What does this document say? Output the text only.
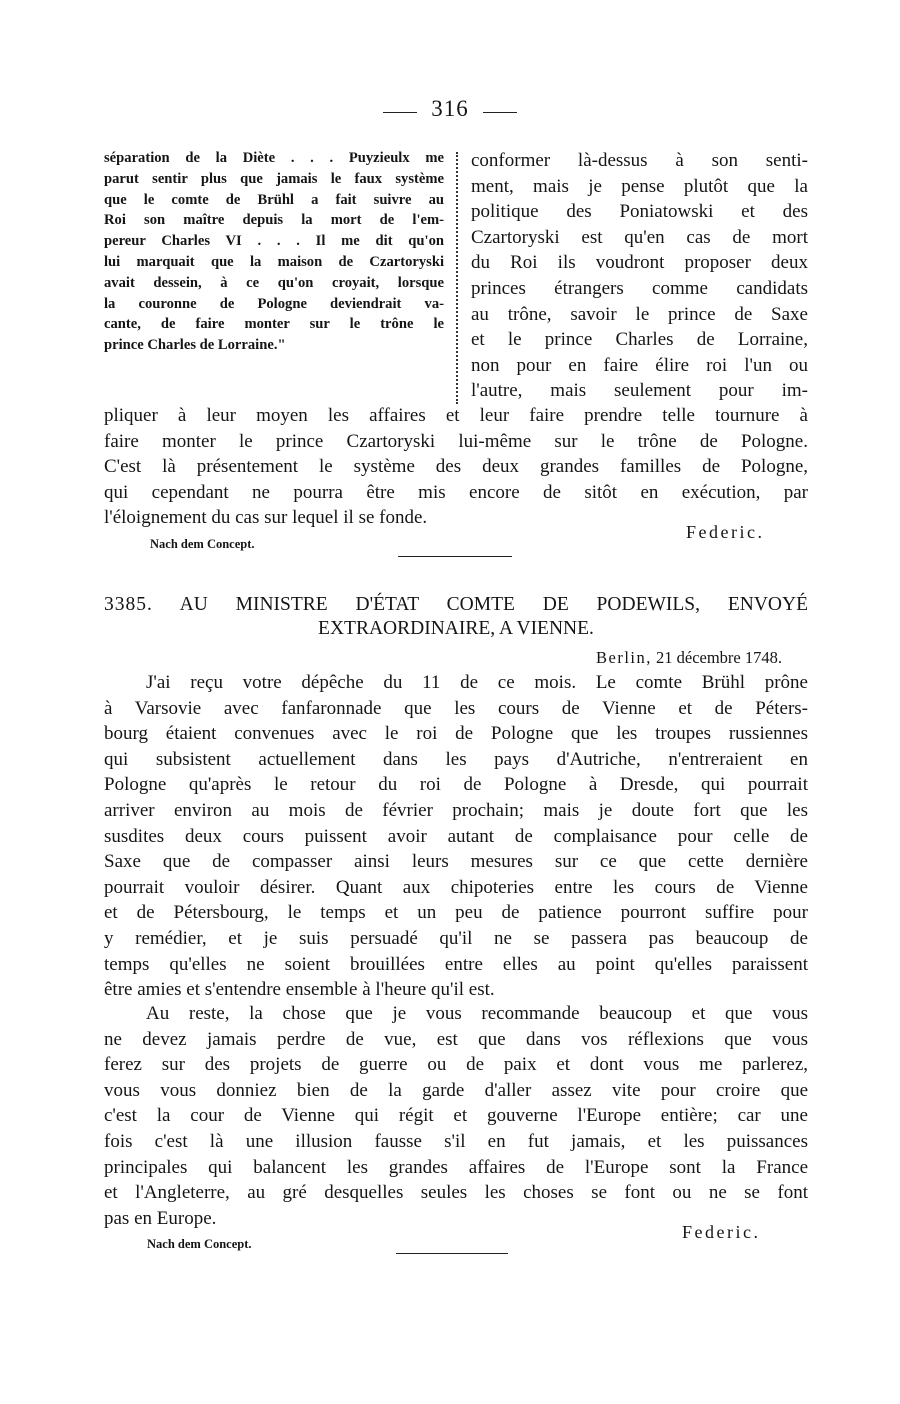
316
séparation de la Diète . . . Puyzieulx me
parut sentir plus que jamais le faux système
que le comte de Brühl a fait suivre au
Roi son maître depuis la mort de l'em-
pereur Charles VI . . . Il me dit qu'on
lui marquait que la maison de Czartoryski
avait dessein, à ce qu'on croyait, lorsque
la couronne de Pologne deviendrait va-
cante, de faire monter sur le trône le
prince Charles de Lorraine."
conformer là-dessus à son senti-
ment, mais je pense plutôt que la
politique des Poniatowski et des
Czartoryski est qu'en cas de mort
du Roi ils voudront proposer deux
princes étrangers comme candidats
au trône, savoir le prince de Saxe
et le prince Charles de Lorraine,
non pour en faire élire roi l'un ou
l'autre, mais seulement pour im-
pliquer à leur moyen les affaires et leur faire prendre telle tournure à
faire monter le prince Czartoryski lui-même sur le trône de Pologne.
C'est là présentement le système des deux grandes familles de Pologne,
qui cependant ne pourra être mis encore de sitôt en exécution, par
l'éloignement du cas sur lequel il se fonde.
Federic.
Nach dem Concept.
3385. AU MINISTRE D'ÉTAT COMTE DE PODEWILS, ENVOYÉ
EXTRAORDINAIRE, A VIENNE.
Berlin, 21 décembre 1748.
J'ai reçu votre dépêche du 11 de ce mois. Le comte Brühl prône
à Varsovie avec fanfaronnade que les cours de Vienne et de Péters-
bourg étaient convenues avec le roi de Pologne que les troupes russiennes
qui subsistent actuellement dans les pays d'Autriche, n'entreraient en
Pologne qu'après le retour du roi de Pologne à Dresde, qui pourrait
arriver environ au mois de février prochain; mais je doute fort que les
susdites deux cours puissent avoir autant de complaisance pour celle de
Saxe que de compasser ainsi leurs mesures sur ce que cette dernière
pourrait vouloir désirer. Quant aux chipoteries entre les cours de Vienne
et de Pétersbourg, le temps et un peu de patience pourront suffire pour
y remédier, et je suis persuadé qu'il ne se passera pas beaucoup de
temps qu'elles ne soient brouillées entre elles au point qu'elles paraissent
être amies et s'entendre ensemble à l'heure qu'il est.
Au reste, la chose que je vous recommande beaucoup et que vous
ne devez jamais perdre de vue, est que dans vos réflexions que vous
ferez sur des projets de guerre ou de paix et dont vous me parlerez,
vous vous donniez bien de la garde d'aller assez vite pour croire que
c'est la cour de Vienne qui régit et gouverne l'Europe entière; car une
fois c'est là une illusion fausse s'il en fut jamais, et les puissances
principales qui balancent les grandes affaires de l'Europe sont la France
et l'Angleterre, au gré desquelles seules les choses se font ou ne se font
pas en Europe.
Federic.
Nach dem Concept.
